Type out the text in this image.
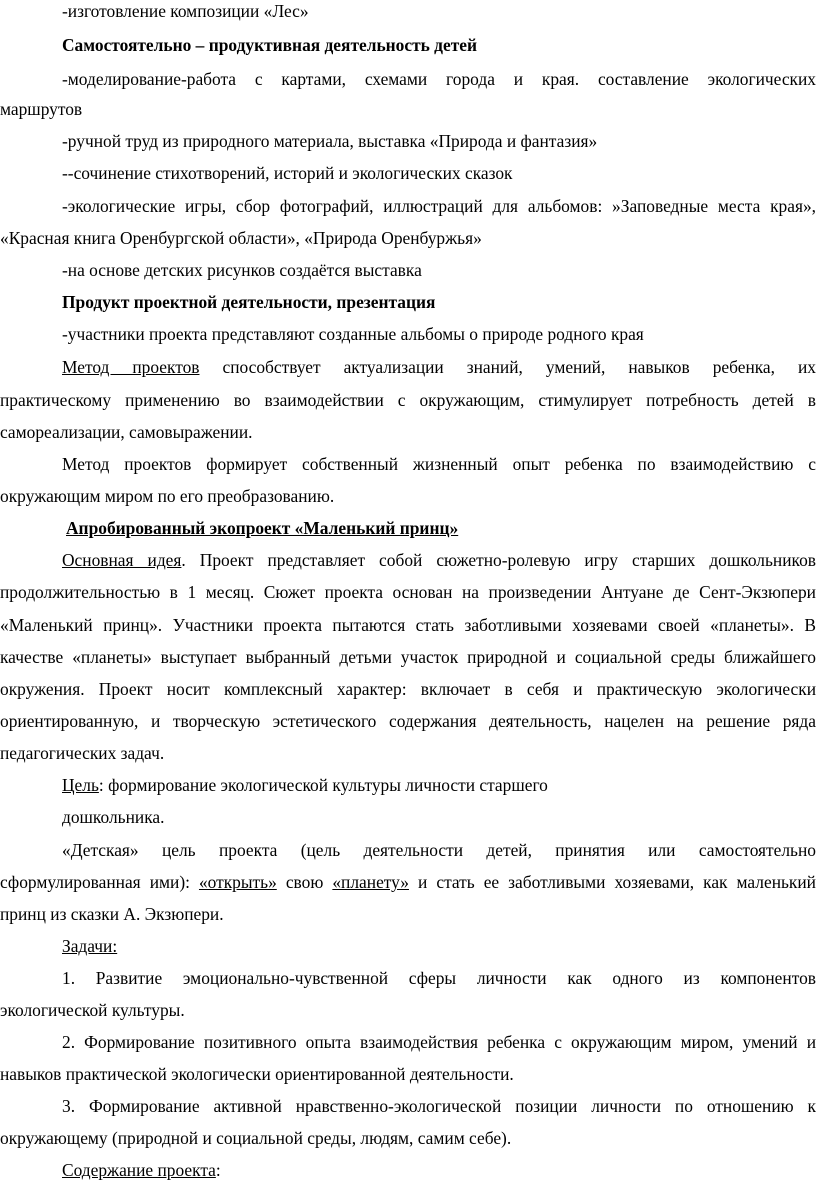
-изготовление композиции «Лес»
Самостоятельно – продуктивная деятельность детей
-моделирование-работа с картами, схемами города и края. составление экологических
маршрутов
-ручной труд из природного материала, выставка «Природа и фантазия»
--сочинение стихотворений, историй и экологических сказок
-экологические игры, сбор фотографий, иллюстраций для альбомов: »Заповедные места края»,
«Красная книга Оренбургской области», «Природа Оренбуржья»
-на основе детских рисунков создаётся выставка
Продукт проектной деятельности, презентация
-участники проекта представляют созданные альбомы о природе родного края
Метод проектов способствует актуализации знаний, умений, навыков ребенка, их
практическому применению во взаимодействии с окружающим, стимулирует потребность детей в
самореализации, самовыражении.
Метод проектов формирует собственный жизненный опыт ребенка по взаимодействию с
окружающим миром по его преобразованию.
Апробированный экопроект «Маленький принц»
Основная идея. Проект представляет собой сюжетно-ролевую игру старших дошкольников
продолжительностью в 1 месяц. Сюжет проекта основан на произведении Антуане де Сент-Экзюпери
«Маленький принц». Участники проекта пытаются стать заботливыми хозяевами своей «планеты». В
качестве «планеты» выступает выбранный детьми участок природной и социальной среды ближайшего
окружения. Проект носит комплексный характер: включает в себя и практическую экологически
ориентированную, и творческую эстетического содержания деятельность, нацелен на решение ряда
педагогических задач.
Цель: формирование экологической культуры личности старшего
дошкольника.
«Детская» цель проекта (цель деятельности детей, принятия или самостоятельно
сформулированная ими): «открыть» свою «планету» и стать ее заботливыми хозяевами, как маленький
принц из сказки А. Экзюпери.
Задачи:
1. Развитие эмоционально-чувственной сферы личности как одного из компонентов
экологической культуры.
2. Формирование позитивного опыта взаимодействия ребенка с окружающим миром, умений и
навыков практической экологически ориентированной деятельности.
3. Формирование активной нравственно-экологической позиции личности по отношению к
окружающему (природной и социальной среды, людям, самим себе).
Содержание проекта:
